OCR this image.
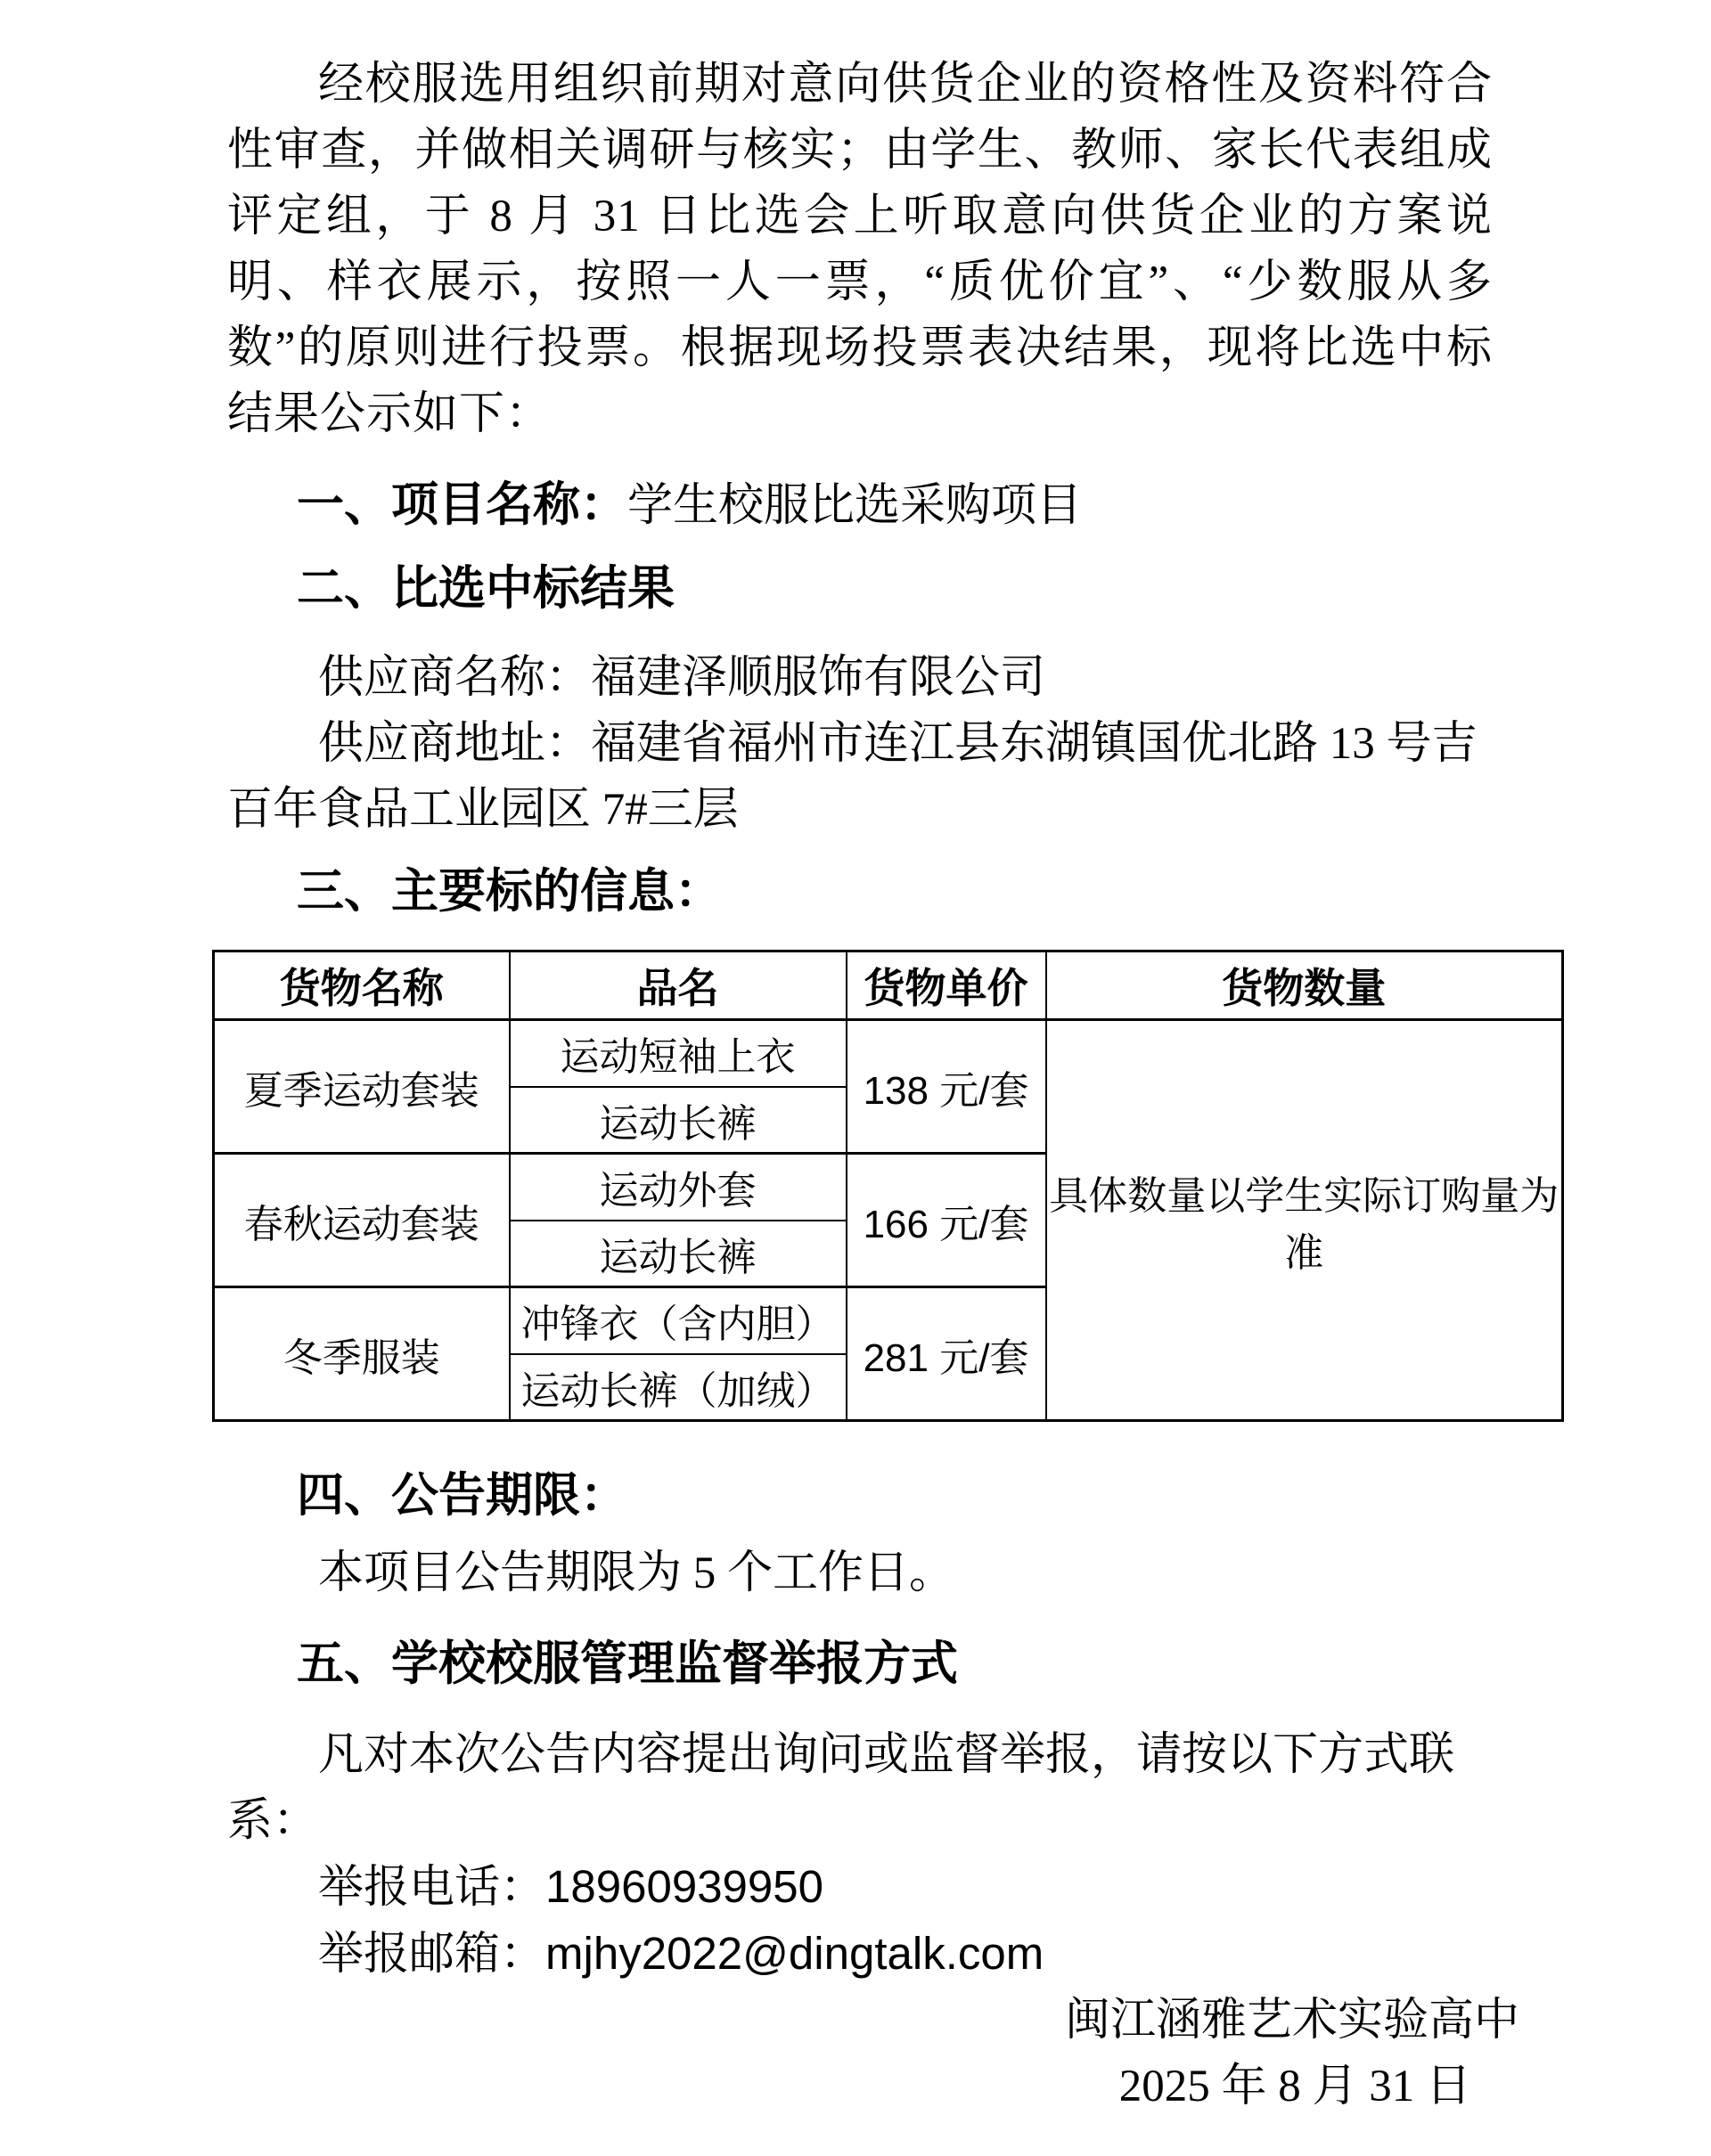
经校服选用组织前期对意向供货企业的资格性及资料符合性审查，并做相关调研与核实；由学生、教师、家长代表组成评定组，于 8 月 31 日比选会上听取意向供货企业的方案说明、样衣展示，按照一人一票，“质优价宜”、“少数服从多数”的原则进行投票。根据现场投票表决结果，现将比选中标结果公示如下：

一、项目名称：学生校服比选采购项目
二、比选中标结果
供应商名称：福建泽顺服饰有限公司
供应商地址：福建省福州市连江县东湖镇国优北路 13 号吉
百年食品工业园区 7#三层
三、主要标的信息：
货物名称	品名	货物单价	货物数量
夏季运动套装	运动短袖上衣	138 元/套	具体数量以学生实际订购量为准
	运动长裤		
春秋运动套装	运动外套	166 元/套	
	运动长裤		
冬季服装	冲锋衣（含内胆）	281 元/套	
	运动长裤（加绒）		
四、公告期限：
本项目公告期限为 5 个工作日。
五、学校校服管理监督举报方式
凡对本次公告内容提出询问或监督举报，请按以下方式联系：
举报电话：18960939950
举报邮箱：mjhy2022@dingtalk.com
闽江涵雅艺术实验高中
2025 年 8 月 31 日
